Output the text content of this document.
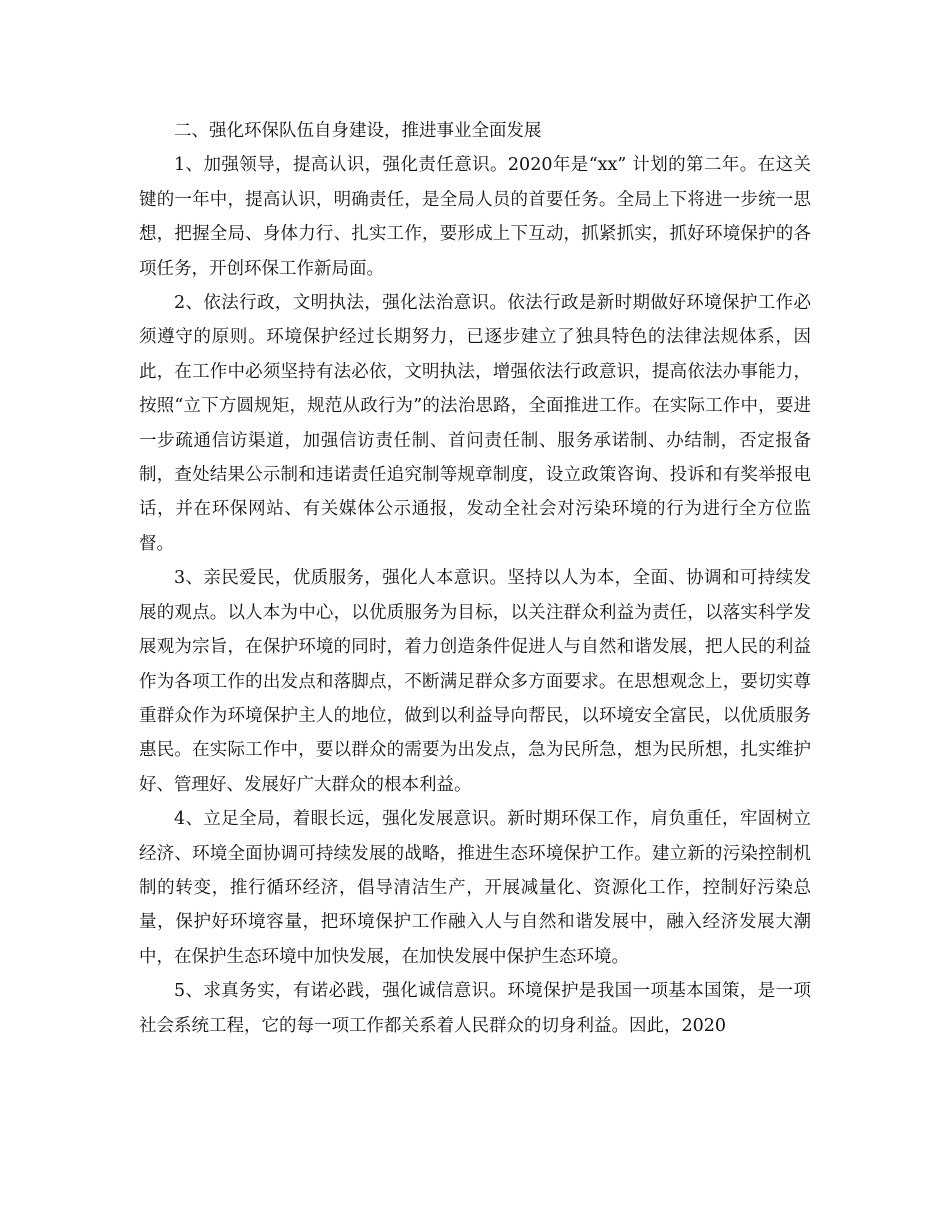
二、强化环保队伍自身建设，推进事业全面发展

1、加强领导，提高认识，强化责任意识。2020年是“xx” 计划的第二年。在这关键的一年中，提高认识，明确责任，是全局人员的首要任务。全局上下将进一步统一思想，把握全局、身体力行、扎实工作，要形成上下互动，抓紧抓实，抓好环境保护的各项任务，开创环保工作新局面。

2、依法行政，文明执法，强化法治意识。依法行政是新时期做好环境保护工作必须遵守的原则。环境保护经过长期努力，已逐步建立了独具特色的法律法规体系，因此，在工作中必须坚持有法必依，文明执法，增强依法行政意识，提高依法办事能力，按照“立下方圆规矩，规范从政行为”的法治思路，全面推进工作。在实际工作中，要进一步疏通信访渠道，加强信访责任制、首问责任制、服务承诺制、办结制，否定报备制，查处结果公示制和违诺责任追究制等规章制度，设立政策咨询、投诉和有奖举报电话，并在环保网站、有关媒体公示通报，发动全社会对污染环境的行为进行全方位监督。

3、亲民爱民，优质服务，强化人本意识。坚持以人为本，全面、协调和可持续发展的观点。以人本为中心，以优质服务为目标，以关注群众利益为责任，以落实科学发展观为宗旨，在保护环境的同时，着力创造条件促进人与自然和谐发展，把人民的利益作为各项工作的出发点和落脚点，不断满足群众多方面要求。在思想观念上，要切实尊重群众作为环境保护主人的地位，做到以利益导向帮民，以环境安全富民，以优质服务惠民。在实际工作中，要以群众的需要为出发点，急为民所急，想为民所想，扎实维护好、管理好、发展好广大群众的根本利益。

4、立足全局，着眼长远，强化发展意识。新时期环保工作，肩负重任，牢固树立经济、环境全面协调可持续发展的战略，推进生态环境保护工作。建立新的污染控制机制的转变，推行循环经济，倡导清洁生产，开展减量化、资源化工作，控制好污染总量，保护好环境容量，把环境保护工作融入人与自然和谐发展中，融入经济发展大潮中，在保护生态环境中加快发展，在加快发展中保护生态环境。

5、求真务实，有诺必践，强化诚信意识。环境保护是我国一项基本国策，是一项社会系统工程，它的每一项工作都关系着人民群众的切身利益。因此，2020
